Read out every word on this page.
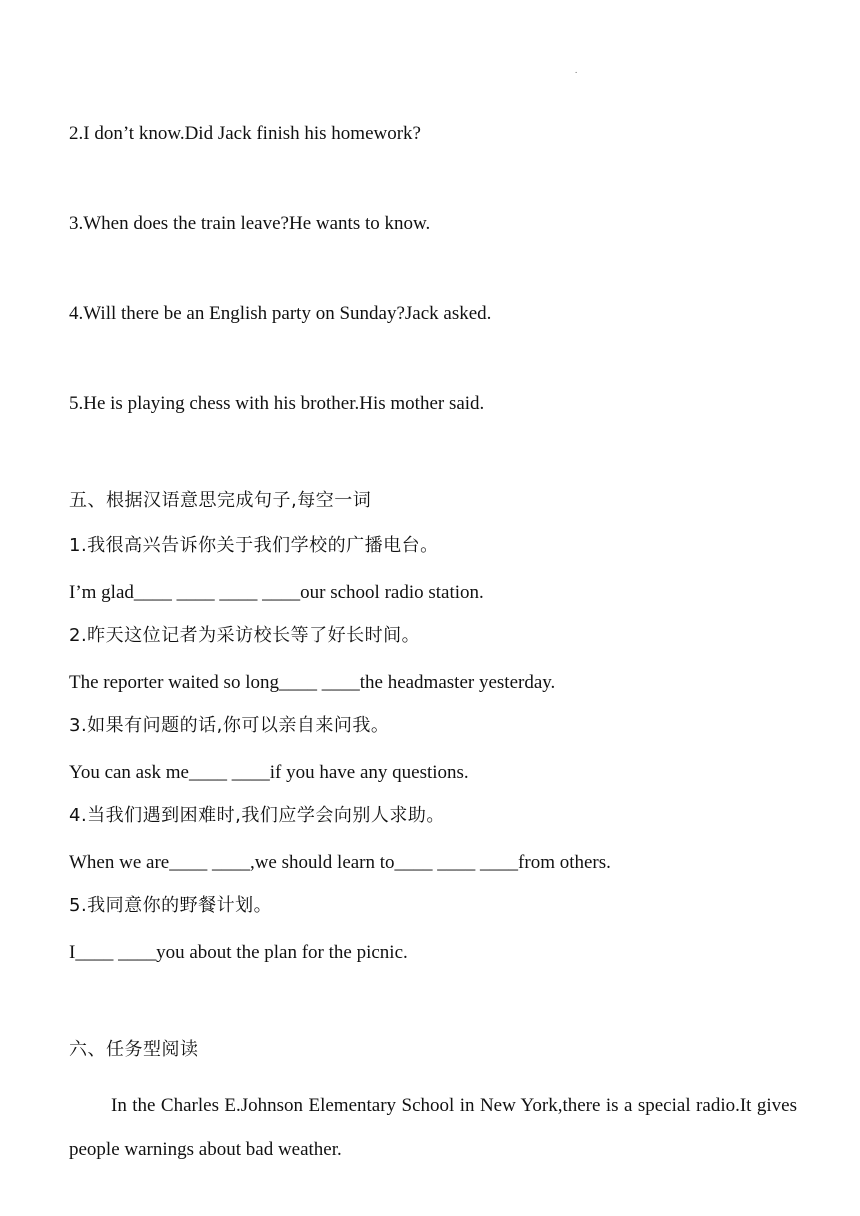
.
2.I don’t know.Did Jack finish his homework?
3.When does the train leave?He wants to know.
4.Will there be an English party on Sunday?Jack asked.
5.He is playing chess with his brother.His mother said.
五、根据汉语意思完成句子,每空一词
1.我很高兴告诉你关于我们学校的广播电台。
I’m glad____ ____ ____ ____our school radio station.
2.昨天这位记者为采访校长等了好长时间。
The reporter waited so long____ ____the headmaster yesterday.
3.如果有问题的话,你可以亲自来问我。
You can ask me____ ____if you have any questions.
4.当我们遇到困难时,我们应学会向别人求助。
When we are____ ____,we should learn to____ ____ ____from others.
5.我同意你的野餐计划。
I____ ____you about the plan for the picnic.
六、任务型阅读
In the Charles E.Johnson Elementary School in New York,there is a special radio.It gives people warnings about bad weather.
